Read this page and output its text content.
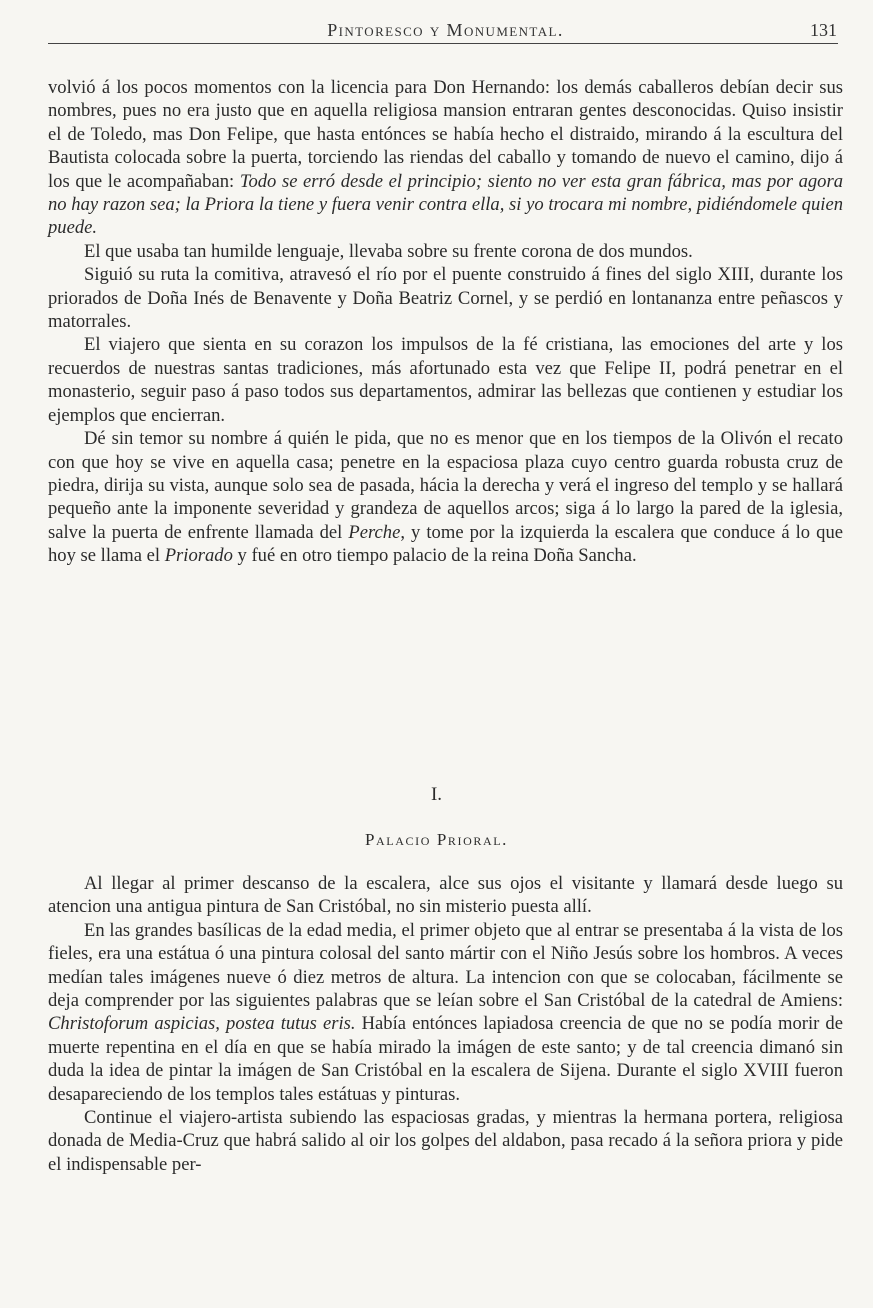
Pintoresco y Monumental.	131

volvió á los pocos momentos con la licencia para Don Hernando: los demás caballeros debían decir sus nombres, pues no era justo que en aquella religiosa mansion entraran gentes desconocidas. Quiso insistir el de Toledo, mas Don Felipe, que hasta entónces se había hecho el distraido, mirando á la escultura del Bautista colocada sobre la puerta, torciendo las riendas del caballo y tomando de nuevo el camino, dijo á los que le acompañaban: Todo se erró desde el principio; siento no ver esta gran fábrica, mas por agora no hay razon sea; la Priora la tiene y fuera venir contra ella, si yo trocara mi nombre, pidiéndomele quien puede.

El que usaba tan humilde lenguaje, llevaba sobre su frente corona de dos mundos.

Siguió su ruta la comitiva, atravesó el río por el puente construido á fines del siglo XIII, durante los prioradοs de Doña Inés de Benavente y Doña Beatriz Cornel, y se perdió en lontananza entre peñascos y matorrales.

El viajero que sienta en su corazon los impulsos de la fé cristiana, las emociones del arte y los recuerdos de nuestras santas tradiciones, más afortunado esta vez que Felipe II, podrá penetrar en el monasterio, seguir paso á paso todos sus departamentos, admirar las bellezas que contienen y estudiar los ejemplos que encierran.

Dé sin temor su nombre á quién le pida, que no es menor que en los tiempos de la Olivón el recato con que hoy se vive en aquella casa; penetre en la espaciosa plaza cuyo centro guarda robusta cruz de piedra, dirija su vista, aunque solo sea de pasada, hácia la derecha y verá el ingreso del templo y se hallará pequeño ante la imponente severidad y grandeza de aquellos arcos; siga á lo largo la pared de la iglesia, salve la puerta de enfrente llamada del Perche, y tome por la izquierda la escalera que conduce á lo que hoy se llama el Priorado y fué en otro tiempo palacio de la reina Doña Sancha.

I.
Palacio Prioral.

Al llegar al primer descanso de la escalera, alce sus ojos el visitante y llamará desde luego su atencion una antigua pintura de San Cristóbal, no sin misterio puesta allí.

En las grandes basílicas de la edad media, el primer objeto que al entrar se presentaba á la vista de los fieles, era una estátua ó una pintura colosal del santo mártir con el Niño Jesús sobre los hombros. A veces medían tales imágenes nueve ó diez metros de altura. La intencion con que se colocaban, fácilmente se deja comprender por las siguientes palabras que se leían sobre el San Cristóbal de la catedral de Amiens: Christoforum aspicias, postea tutus eris. Había entónces lapiadosa creencia de que no se podía morir de muerte repentina en el día en que se había mirado la imágen de este santo; y de tal creencia dimanó sin duda la idea de pintar la imágen de San Cristóbal en la escalera de Sijena. Durante el siglo XVIII fueron desapareciendo de los templos tales estátuas y pinturas.

Continue el viajero-artista subiendo las espaciosas gradas, y mientras la hermana portera, religiosa donada de Media-Cruz que habrá salido al oir los golpes del aldabon, pasa recado á la señora priora y pide el indispensable per-
